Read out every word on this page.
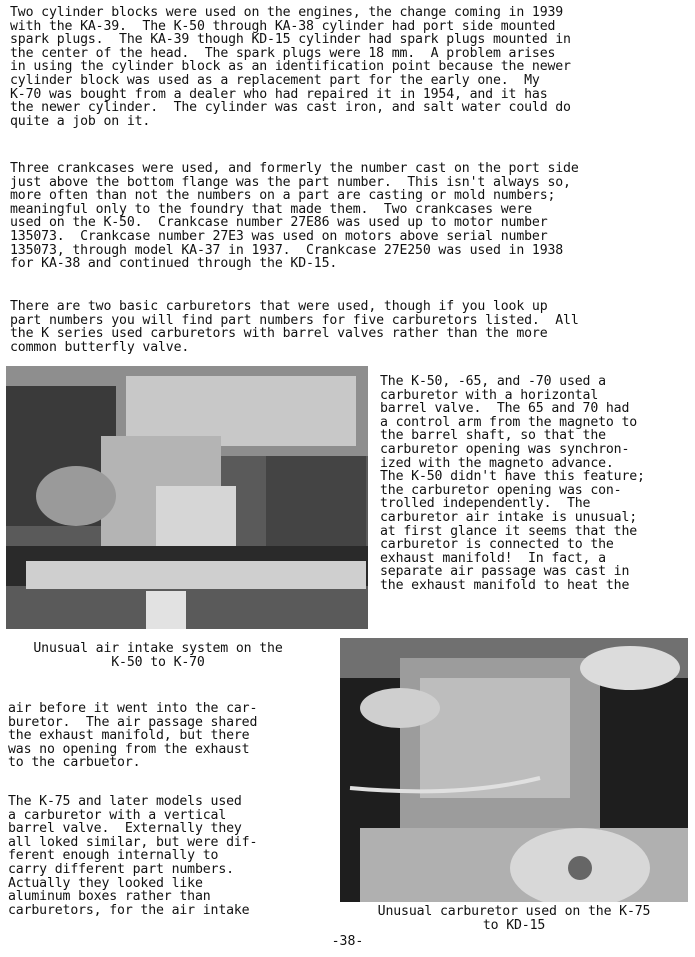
Two cylinder blocks were used on the engines, the change coming in 1939
with the KA-39.  The K-50 through KA-38 cylinder had port side mounted
spark plugs.  The KA-39 though KD-15 cylinder had spark plugs mounted in
the center of the head.  The spark plugs were 18 mm.  A problem arises
in using the cylinder block as an identification point because the newer
cylinder block was used as a replacement part for the early one.  My
K-70 was bought from a dealer who had repaired it in 1954, and it has
the newer cylinder.  The cylinder was cast iron, and salt water could do
quite a job on it.
Three crankcases were used, and formerly the number cast on the port side
just above the bottom flange was the part number.  This isn't always so,
more often than not the numbers on a part are casting or mold numbers;
meaningful only to the foundry that made them.  Two crankcases were
used on the K-50.  Crankcase number 27E86 was used up to motor number
135073.  Crankcase number 27E3 was used on motors above serial number
135073, through model KA-37 in 1937.  Crankcase 27E250 was used in 1938
for KA-38 and continued through the KD-15.
There are two basic carburetors that were used, though if you look up
part numbers you will find part numbers for five carburetors listed.  All
the K series used carburetors with barrel valves rather than the more
common butterfly valve.
The K-50, -65, and -70 used a
carburetor with a horizontal
barrel valve.  The 65 and 70 had
a control arm from the magneto to
the barrel shaft, so that the
carburetor opening was synchron-
ized with the magneto advance.
The K-50 didn't have this feature;
the carburetor opening was con-
trolled independently.  The
carburetor air intake is unusual;
at first glance it seems that the
carburetor is connected to the
exhaust manifold!  In fact, a
separate air passage was cast in
the exhaust manifold to heat the
Unusual air intake system on the
K-50 to K-70
air before it went into the car-
buretor.  The air passage shared
the exhaust manifold, but there
was no opening from the exhaust
to the carbuetor.
The K-75 and later models used
a carburetor with a vertical
barrel valve.  Externally they
all loked similar, but were dif-
ferent enough internally to
carry different part numbers.
Actually they looked like
aluminum boxes rather than
carburetors, for the air intake	Unusual carburetor used on the K-75
to KD-15
-38-
